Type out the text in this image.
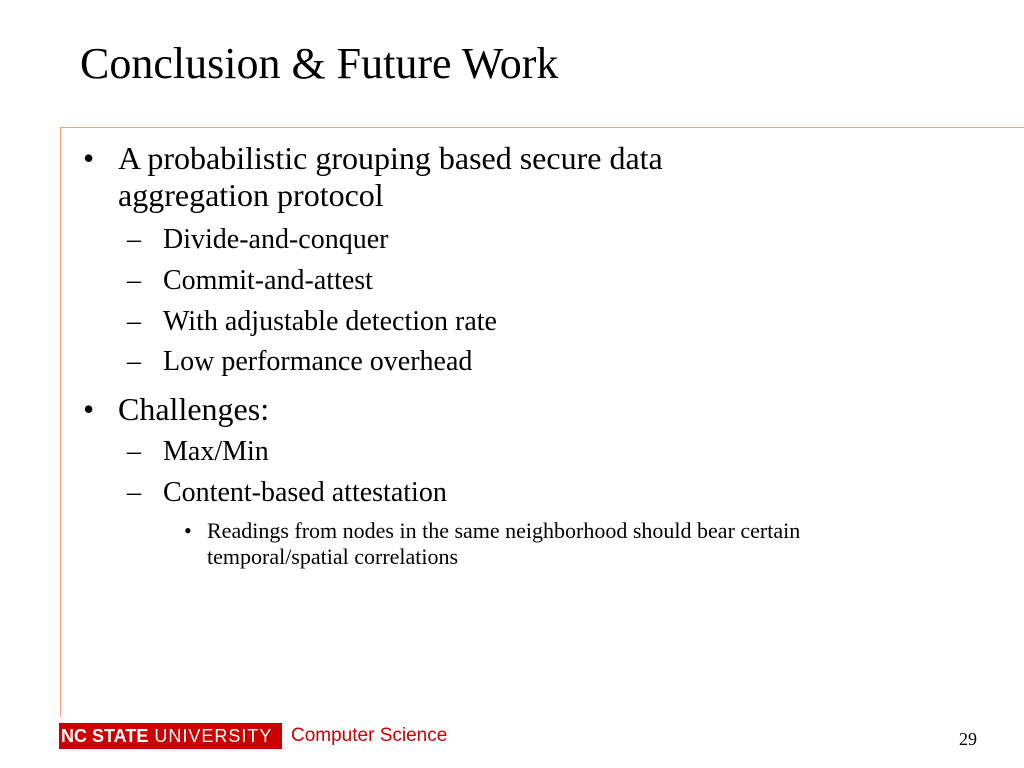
Conclusion & Future Work
• A probabilistic grouping based secure data
aggregation protocol
– Divide-and-conquer
– Commit-and-attest
– With adjustable detection rate
– Low performance overhead
• Challenges:
– Max/Min
– Content-based attestation
• Readings from nodes in the same neighborhood should bear certain
temporal/spatial correlations
NC STATE UNIVERSITY Computer Science	29
